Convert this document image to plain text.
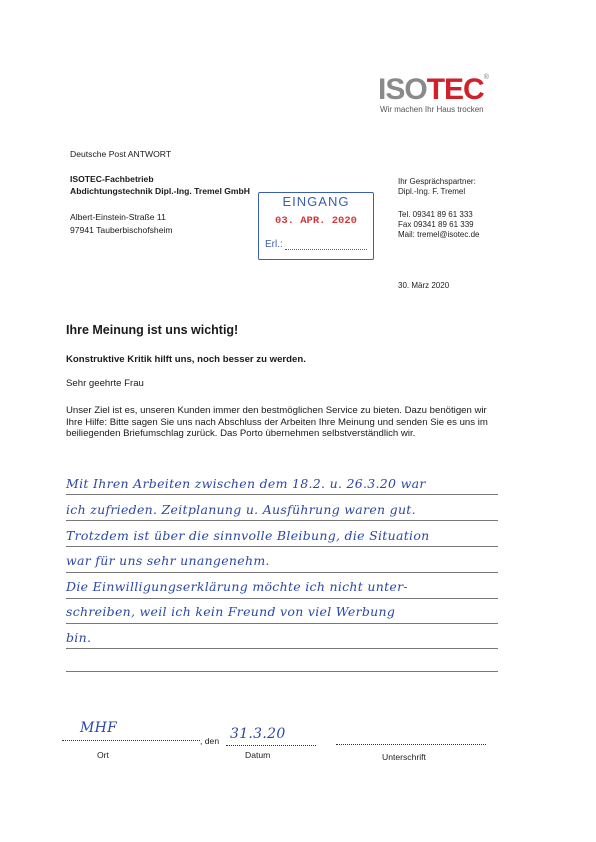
ISOTEC®
Wir machen Ihr Haus trocken
Deutsche Post ANTWORT
ISOTEC-Fachbetrieb
Abdichtungstechnik Dipl.-Ing. Tremel GmbH
Albert-Einstein-Straße 11
97941 Tauberbischofsheim
EINGANG
03. APR. 2020
Erl.:
Ihr Gesprächspartner:
Dipl.-Ing. F. Tremel
Tel. 09341 89 61 333
Fax 09341 89 61 339
Mail: tremel@isotec.de
30. März 2020
Ihre Meinung ist uns wichtig!
Konstruktive Kritik hilft uns, noch besser zu werden.
Sehr geehrte Frau
Unser Ziel ist es, unseren Kunden immer den bestmöglichen Service zu bieten. Dazu benötigen wir Ihre Hilfe: Bitte sagen Sie uns nach Abschluss der Arbeiten Ihre Meinung und senden Sie es uns im beiliegenden Briefumschlag zurück. Das Porto übernehmen selbstverständlich wir.
Mit Ihren Arbeiten zwischen dem 18.2. u. 26.3.20 war
ich zufrieden. Zeitplanung u. Ausführung waren gut.
Trotzdem ist über die sinnvolle Bleibung, die Situation
war für uns sehr unangenehm.
Die Einwilligungserklärung möchte ich nicht unter-
schreiben, weil ich kein Freund von viel Werbung
bin.
MHF
, den 31.3.20
Ort	Datum	Unterschrift
